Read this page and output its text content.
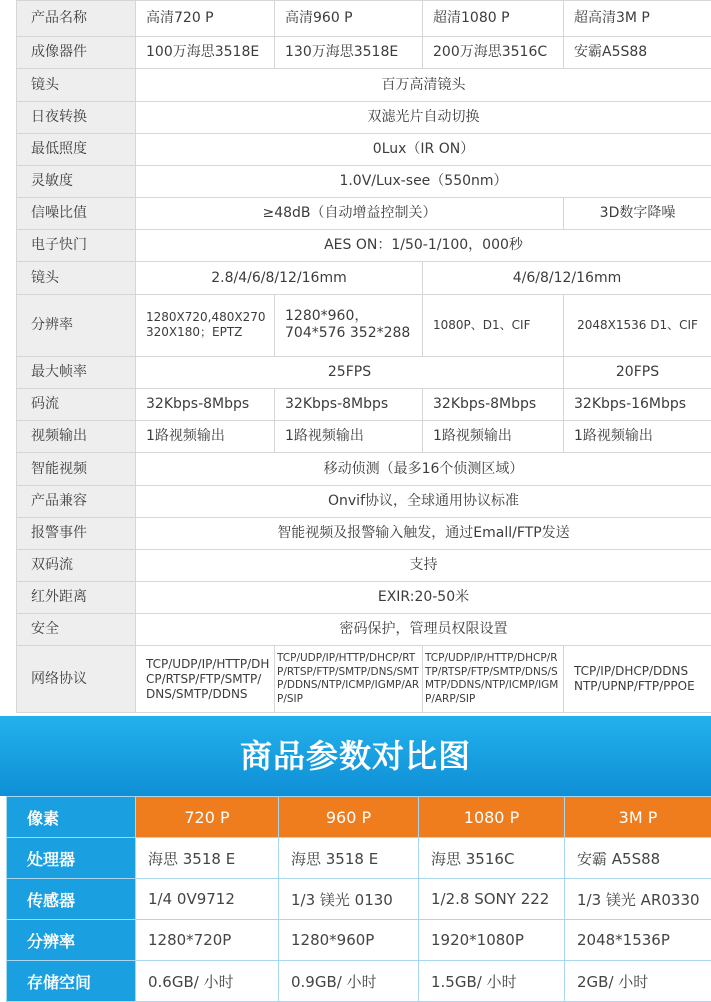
产品名称	高清720 P	高清960 P	超清1080 P	超高清3M P
成像器件	100万海思3518E	130万海思3518E	200万海思3516C	安霸A5S88
镜头	百万高清镜头			
日夜转换	双滤光片自动切换			
最低照度	0Lux（IR ON）			
灵敏度	1.0V/Lux-see（550nm）			
信噪比值	≥48dB（自动增益控制关）			3D数字降噪
电子快门	AES ON：1/50-1/100，000秒			
镜头	2.8/4/6/8/12/16mm		4/6/8/12/16mm	
分辨率	1280X720,480X270 320X180；EPTZ	1280*960，704*576 352*288	1080P、D1、CIF	2048X1536 D1、CIF
最大帧率	25FPS			20FPS
码流	32Kbps-8Mbps	32Kbps-8Mbps	32Kbps-8Mbps	32Kbps-16Mbps
视频输出	1路视频输出	1路视频输出	1路视频输出	1路视频输出
智能视频	移动侦测（最多16个侦测区域）			
产品兼容	Onvif协议，全球通用协议标准			
报警事件	智能视频及报警输入触发，通过Emall/FTP发送			
双码流	支持			
红外距离	EXIR:20-50米			
安全	密码保护，管理员权限设置			
网络协议	TCP/UDP/IP/HTTP/DHCP/RTSP/FTP/SMTP/DNS/SMTP/DDNS	TCP/UDP/IP/HTTP/DHCP/RTP/RTSP/FTP/SMTP/DNS/SMTP/DDNS/NTP/ICMP/IGMP/ARP/SIP	TCP/UDP/IP/HTTP/DHCP/RTP/RTSP/FTP/SMTP/DNS/SMTP/DDNS/NTP/ICMP/IGMP/ARP/SIP	TCP/IP/DHCP/DDNS NTP/UPNP/FTP/PPOE
商品参数对比图
像素	720 P	960 P	1080 P	3M P
处理器	海思 3518 E	海思 3518 E	海思 3516C	安霸 A5S88
传感器	1/4 0V9712	1/3 镁光 0130	1/2.8 SONY 222	1/3 镁光 AR0330
分辨率	1280*720P	1280*960P	1920*1080P	2048*1536P
存储空间	0.6GB/ 小时	0.9GB/ 小时	1.5GB/ 小时	2GB/ 小时
